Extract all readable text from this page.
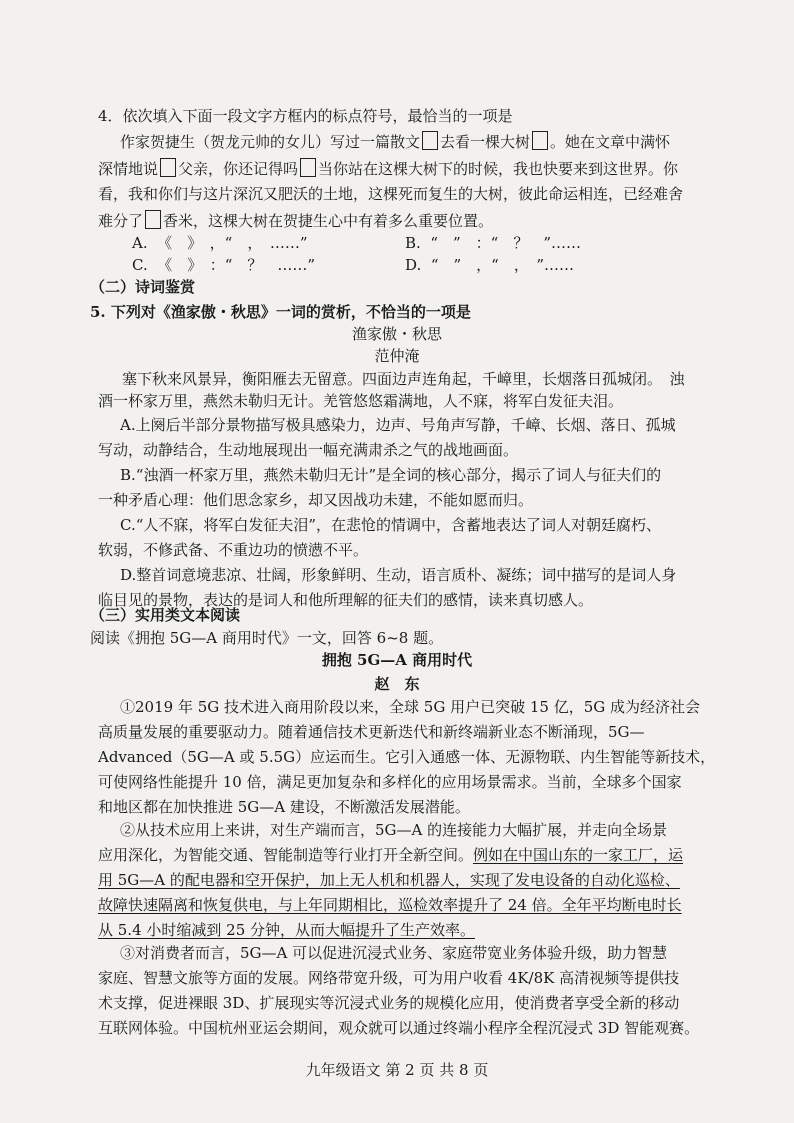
4．依次填入下面一段文字方框内的标点符号，最恰当的一项是
作家贺捷生（贺龙元帅的女儿）写过一篇散文 去看一棵大树 。她在文章中满怀
深情地说 父亲，你还记得吗 当你站在这棵大树下的时候，我也快要来到这世界。你
看，我和你们与这片深沉又肥沃的土地，这棵死而复生的大树，彼此命运相连，已经难舍
难分了 香米，这棵大树在贺捷生心中有着多么重要位置。
A. 《　》　，“　，　……”	B. “　”　：“　？　”……
C. 《　》　：“　？　……”	D. “　”　，“　，　”……
（二）诗词鉴赏
5. 下列对《渔家傲・秋思》一词的赏析，不恰当的一项是
渔家傲・秋思
范仲淹
塞下秋来风景异，衡阳雁去无留意。四面边声连角起，千嶂里，长烟落日孤城闭。　浊
酒一杯家万里，燕然未勒归无计。羌管悠悠霜满地，人不寐，将军白发征夫泪。
A.上阕后半部分景物描写极具感染力，边声、号角声写静，千嶂、长烟、落日、孤城
写动，动静结合，生动地展现出一幅充满肃杀之气的战地画面。
B.“浊酒一杯家万里，燕然未勒归无计”是全词的核心部分，揭示了词人与征夫们的
一种矛盾心理：他们思念家乡，却又因战功未建，不能如愿而归。
C.“人不寐，将军白发征夫泪”，在悲怆的情调中，含蓄地表达了词人对朝廷腐朽、
软弱，不修武备、不重边功的愤懑不平。
D.整首词意境悲凉、壮阔，形象鲜明、生动，语言质朴、凝练；词中描写的是词人身
临目见的景物，表达的是词人和他所理解的征夫们的感情，读来真切感人。
（三）实用类文本阅读
阅读《拥抱 5G—A 商用时代》一文，回答 6~8 题。
拥抱 5G—A 商用时代
赵　东
①2019 年 5G 技术进入商用阶段以来，全球 5G 用户已突破 15 亿，5G 成为经济社会
高质量发展的重要驱动力。随着通信技术更新迭代和新终端新业态不断涌现，5G—
Advanced（5G—A 或 5.5G）应运而生。它引入通感一体、无源物联、内生智能等新技术，
可使网络性能提升 10 倍，满足更加复杂和多样化的应用场景需求。当前，全球多个国家
和地区都在加快推进 5G—A 建设，不断激活发展潜能。
②从技术应用上来讲，对生产端而言，5G—A 的连接能力大幅扩展，并走向全场景
应用深化，为智能交通、智能制造等行业打开全新空间。例如在中国山东的一家工厂，运
用 5G—A 的配电器和空开保护，加上无人机和机器人，实现了发电设备的自动化巡检、
故障快速隔离和恢复供电，与上年同期相比，巡检效率提升了 24 倍。全年平均断电时长
从 5.4 小时缩减到 25 分钟，从而大幅提升了生产效率。
③对消费者而言，5G—A 可以促进沉浸式业务、家庭带宽业务体验升级，助力智慧
家庭、智慧文旅等方面的发展。网络带宽升级，可为用户收看 4K/8K 高清视频等提供技
术支撑，促进裸眼 3D、扩展现实等沉浸式业务的规模化应用，使消费者享受全新的移动
互联网体验。中国杭州亚运会期间，观众就可以通过终端小程序全程沉浸式 3D 智能观赛。
九年级语文 第 2 页 共 8 页
